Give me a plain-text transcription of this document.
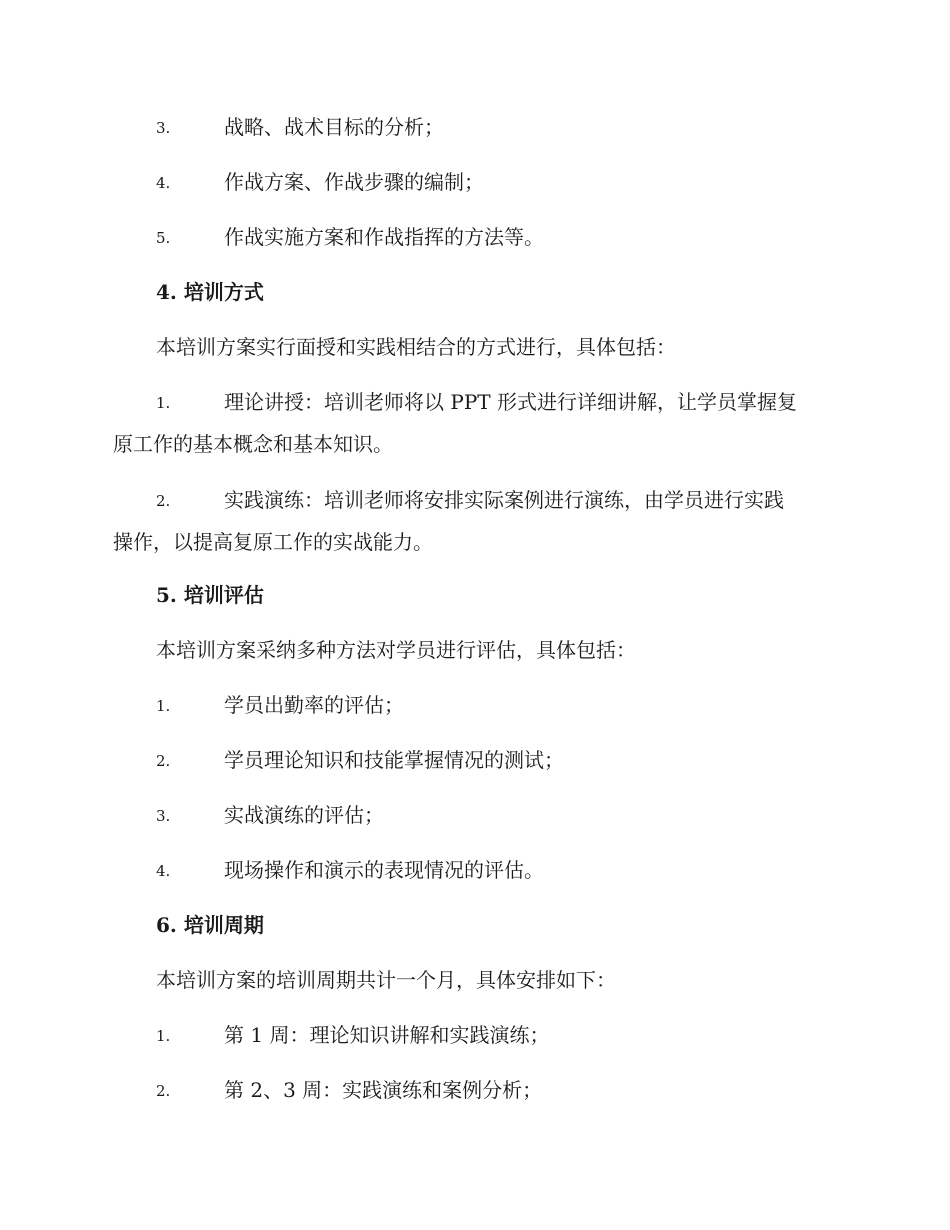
3.	战略、战术目标的分析；
4.	作战方案、作战步骤的编制；
5.	作战实施方案和作战指挥的方法等。
4. 培训方式
本培训方案实行面授和实践相结合的方式进行，具体包括：
1.	理论讲授：培训老师将以 PPT 形式进行详细讲解，让学员掌握复
原工作的基本概念和基本知识。
2.	实践演练：培训老师将安排实际案例进行演练，由学员进行实践
操作，以提高复原工作的实战能力。
5. 培训评估
本培训方案采纳多种方法对学员进行评估，具体包括：
1.	学员出勤率的评估；
2.	学员理论知识和技能掌握情况的测试；
3.	实战演练的评估；
4.	现场操作和演示的表现情况的评估。
6. 培训周期
本培训方案的培训周期共计一个月，具体安排如下：
1.	第 1 周：理论知识讲解和实践演练；
2.	第 2、3 周：实践演练和案例分析；
